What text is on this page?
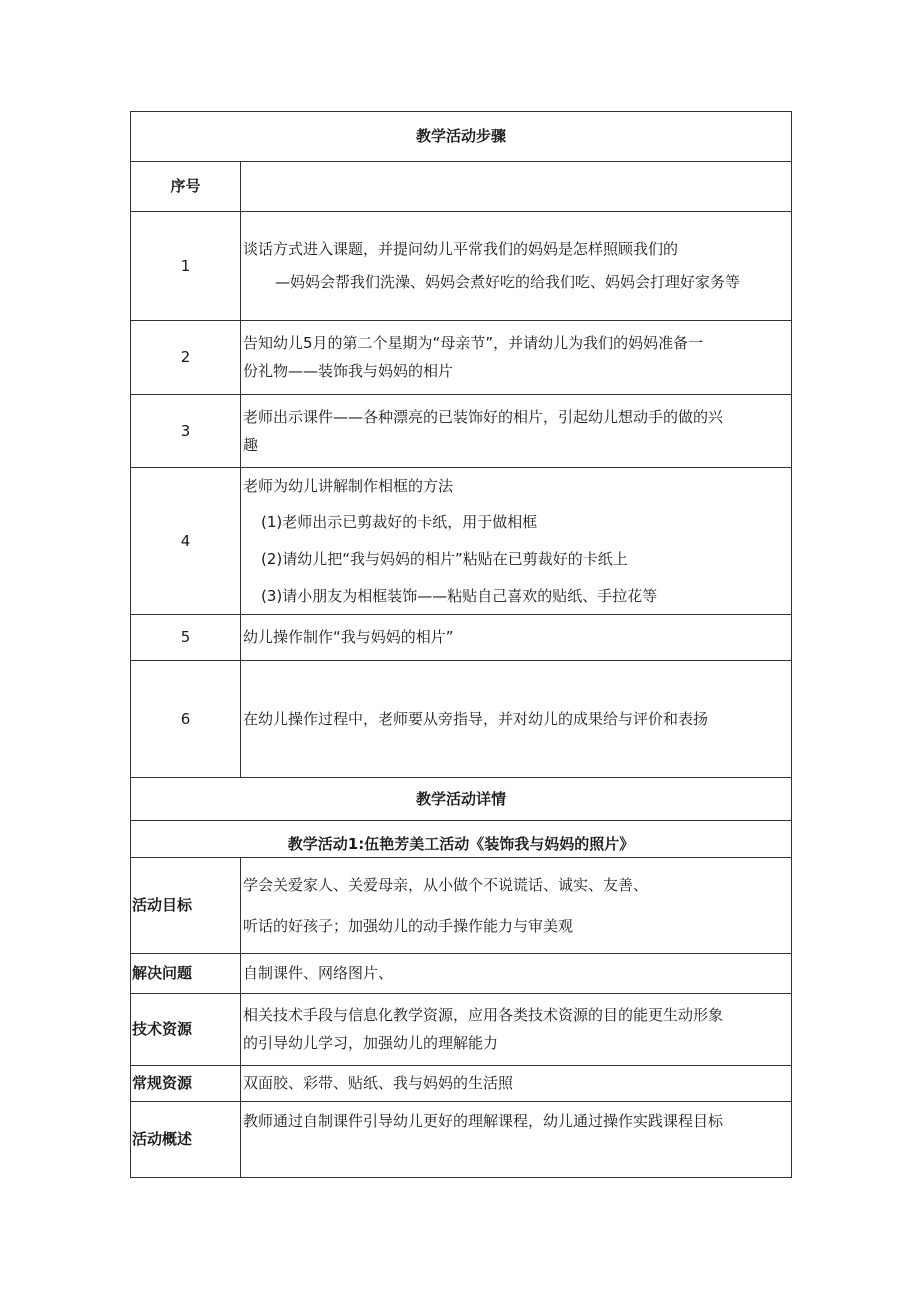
教学活动步骤	
序号	
1	谈话方式进入课题，并提问幼儿平常我们的妈妈是怎样照顾我们的
—妈妈会帮我们洗澡、妈妈会煮好吃的给我们吃、妈妈会打理好家务等

2	告知幼儿5月的第二个星期为“母亲节”，并请幼儿为我们的妈妈准备一
份礼物——装饰我与妈妈的相片

3	老师出示课件——各种漂亮的已装饰好的相片，引起幼儿想动手的做的兴
趣

4	老师为幼儿讲解制作相框的方法
(1)老师出示已剪裁好的卡纸，用于做相框
(2)请幼儿把“我与妈妈的相片”粘贴在已剪裁好的卡纸上
(3)请小朋友为相框装饰——粘贴自己喜欢的贴纸、手拉花等

5	幼儿操作制作“我与妈妈的相片”

6	在幼儿操作过程中，老师要从旁指导，并对幼儿的成果给与评价和表扬

教学活动详情	
教学活动1:伍艳芳美工活动《装饰我与妈妈的照片》	
活动目标	学会关爱家人、关爱母亲，从小做个不说谎话、诚实、友善、
听话的好孩子；加强幼儿的动手操作能力与审美观

解决问题	自制课件、网络图片、

技术资源	相关技术手段与信息化教学资源，应用各类技术资源的目的能更生动形象
的引导幼儿学习，加强幼儿的理解能力

常规资源	双面胶、彩带、贴纸、我与妈妈的生活照

活动概述	教师通过自制课件引导幼儿更好的理解课程，幼儿通过操作实践课程目标
